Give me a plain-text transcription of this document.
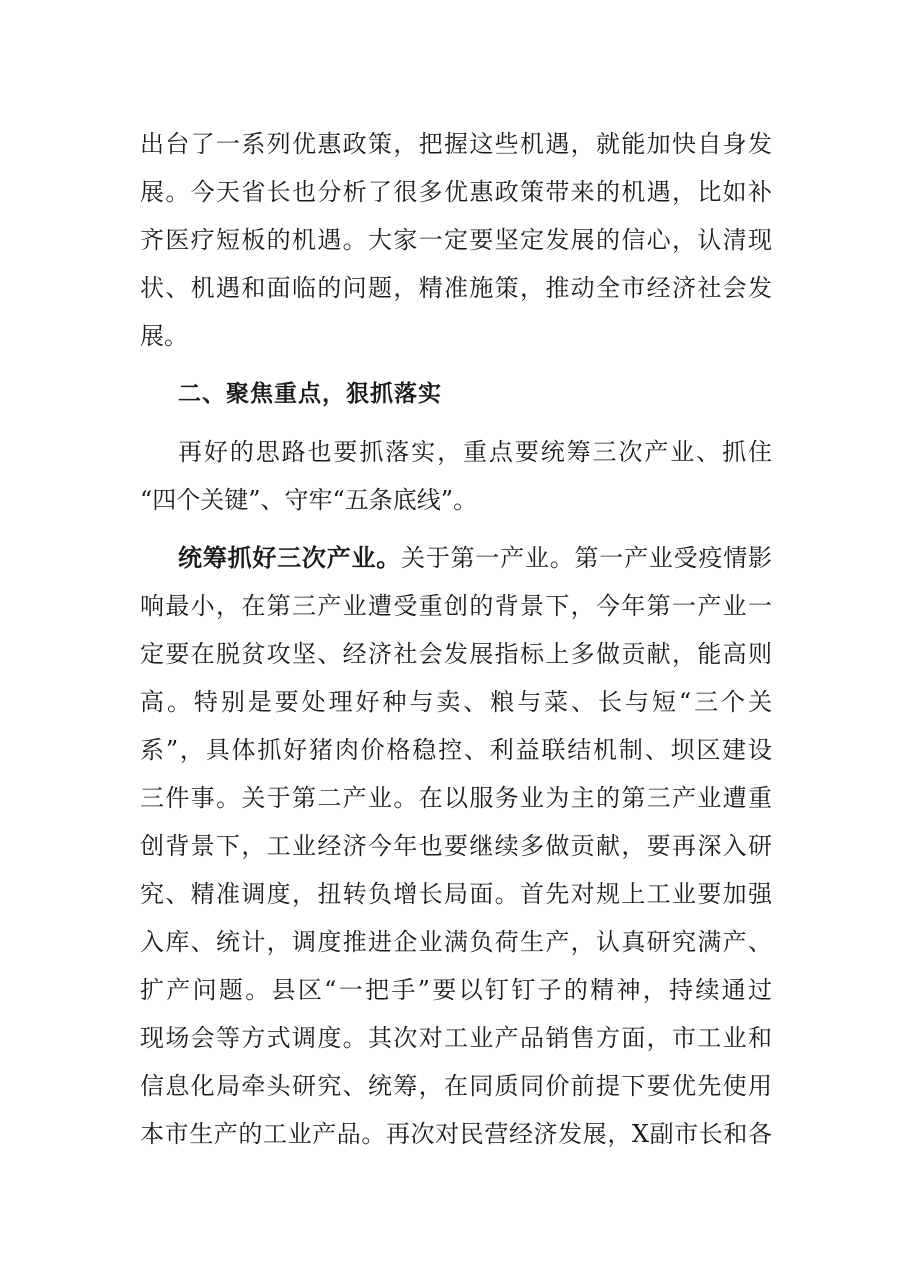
出台了一系列优惠政策，把握这些机遇，就能加快自身发
展。今天省长也分析了很多优惠政策带来的机遇，比如补
齐医疗短板的机遇。大家一定要坚定发展的信心，认清现
状、机遇和面临的问题，精准施策，推动全市经济社会发
展。
二、聚焦重点，狠抓落实
再好的思路也要抓落实，重点要统筹三次产业、抓住
“四个关键”、守牢“五条底线”。
统筹抓好三次产业。关于第一产业。第一产业受疫情影
响最小，在第三产业遭受重创的背景下，今年第一产业一
定要在脱贫攻坚、经济社会发展指标上多做贡献，能高则
高。特别是要处理好种与卖、粮与菜、长与短“三个关
系”，具体抓好猪肉价格稳控、利益联结机制、坝区建设
三件事。关于第二产业。在以服务业为主的第三产业遭重
创背景下，工业经济今年也要继续多做贡献，要再深入研
究、精准调度，扭转负增长局面。首先对规上工业要加强
入库、统计，调度推进企业满负荷生产，认真研究满产、
扩产问题。县区“一把手”要以钉钉子的精神，持续通过
现场会等方式调度。其次对工业产品销售方面，市工业和
信息化局牵头研究、统筹，在同质同价前提下要优先使用
本市生产的工业产品。再次对民营经济发展，X副市长和各
